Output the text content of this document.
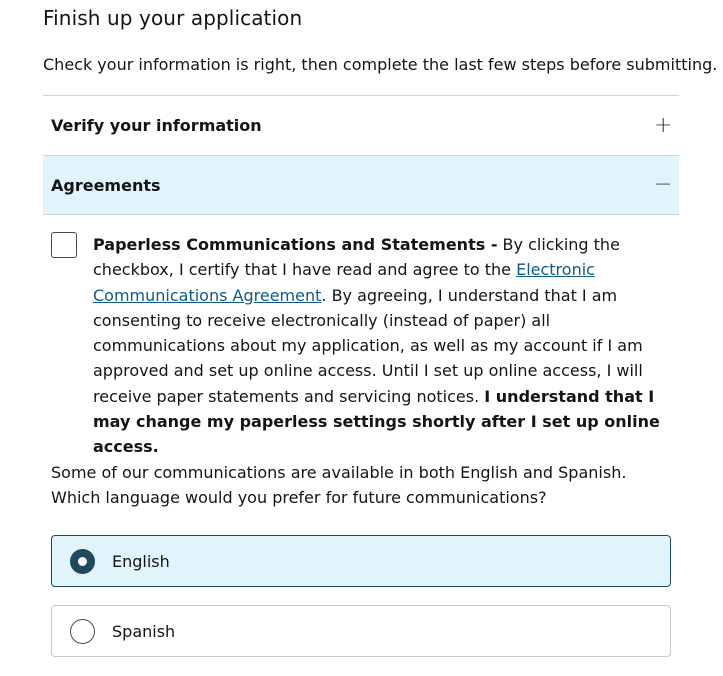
Finish up your application
Check your information is right, then complete the last few steps before submitting.
Verify your information	+
Agreements	−
Paperless Communications and Statements - By clicking the checkbox, I certify that I have read and agree to the Electronic Communications Agreement. By agreeing, I understand that I am consenting to receive electronically (instead of paper) all communications about my application, as well as my account if I am approved and set up online access. Until I set up online access, I will receive paper statements and servicing notices. I understand that I may change my paperless settings shortly after I set up online access.
Some of our communications are available in both English and Spanish. Which language would you prefer for future communications?
English
Spanish
